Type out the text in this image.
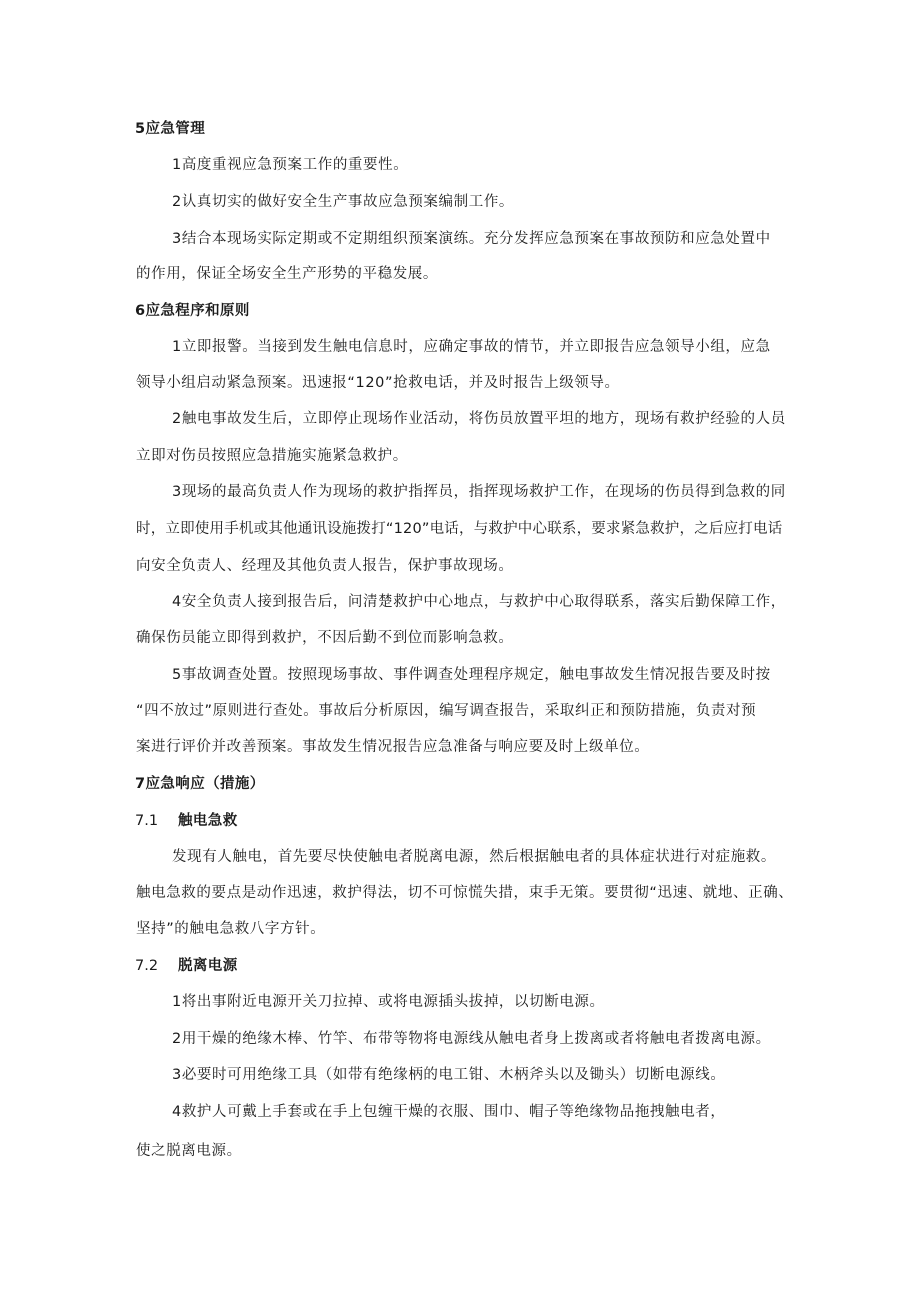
5应急管理
1高度重视应急预案工作的重要性。
2认真切实的做好安全生产事故应急预案编制工作。
3结合本现场实际定期或不定期组织预案演练。充分发挥应急预案在事故预防和应急处置中
的作用，保证全场安全生产形势的平稳发展。
6应急程序和原则
1立即报警。当接到发生触电信息时，应确定事故的情节，并立即报告应急领导小组，应急
领导小组启动紧急预案。迅速报“120”抢救电话，并及时报告上级领导。
2触电事故发生后，立即停止现场作业活动，将伤员放置平坦的地方，现场有救护经验的人员
立即对伤员按照应急措施实施紧急救护。
3现场的最高负责人作为现场的救护指挥员，指挥现场救护工作，在现场的伤员得到急救的同
时，立即使用手机或其他通讯设施拨打“120”电话，与救护中心联系，要求紧急救护，之后应打电话
向安全负责人、经理及其他负责人报告，保护事故现场。
4安全负责人接到报告后，问清楚救护中心地点，与救护中心取得联系，落实后勤保障工作，
确保伤员能立即得到救护，不因后勤不到位而影响急救。
5事故调查处置。按照现场事故、事件调查处理程序规定，触电事故发生情况报告要及时按
“四不放过”原则进行查处。事故后分析原因，编写调查报告，采取纠正和预防措施，负责对预
案进行评价并改善预案。事故发生情况报告应急准备与响应要及时上级单位。
7应急响应（措施）
7.1 触电急救
发现有人触电，首先要尽快使触电者脱离电源，然后根据触电者的具体症状进行对症施救。
触电急救的要点是动作迅速，救护得法，切不可惊慌失措，束手无策。要贯彻“迅速、就地、正确、
坚持”的触电急救八字方针。
7.2 脱离电源
1将出事附近电源开关刀拉掉、或将电源插头拔掉，以切断电源。
2用干燥的绝缘木棒、竹竿、布带等物将电源线从触电者身上拨离或者将触电者拨离电源。
3必要时可用绝缘工具（如带有绝缘柄的电工钳、木柄斧头以及锄头）切断电源线。
4救护人可戴上手套或在手上包缠干燥的衣服、围巾、帽子等绝缘物品拖拽触电者，
使之脱离电源。
